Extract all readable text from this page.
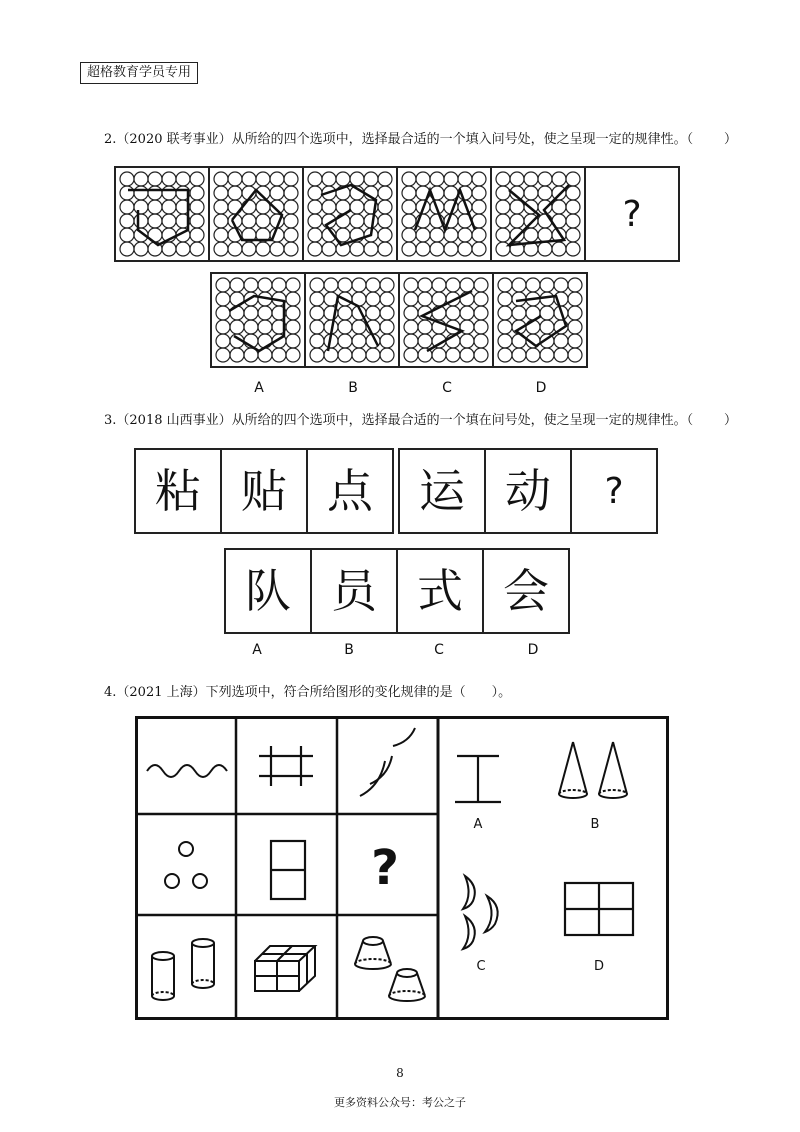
超格教育学员专用
2.（2020 联考事业）从所给的四个选项中，选择最合适的一个填入问号处，使之呈现一定的规律性。（ ）
?
A	B	C	D
3.（2018 山西事业）从所给的四个选项中，选择最合适的一个填在问号处，使之呈现一定的规律性。（ ）
粘 贴 点 运 动 ?
队 员 式 会
A	B	C	D
4.（2021 上海）下列选项中，符合所给图形的变化规律的是（　　）。
?
A	B
C	D
8
更多资料公众号：考公之子
